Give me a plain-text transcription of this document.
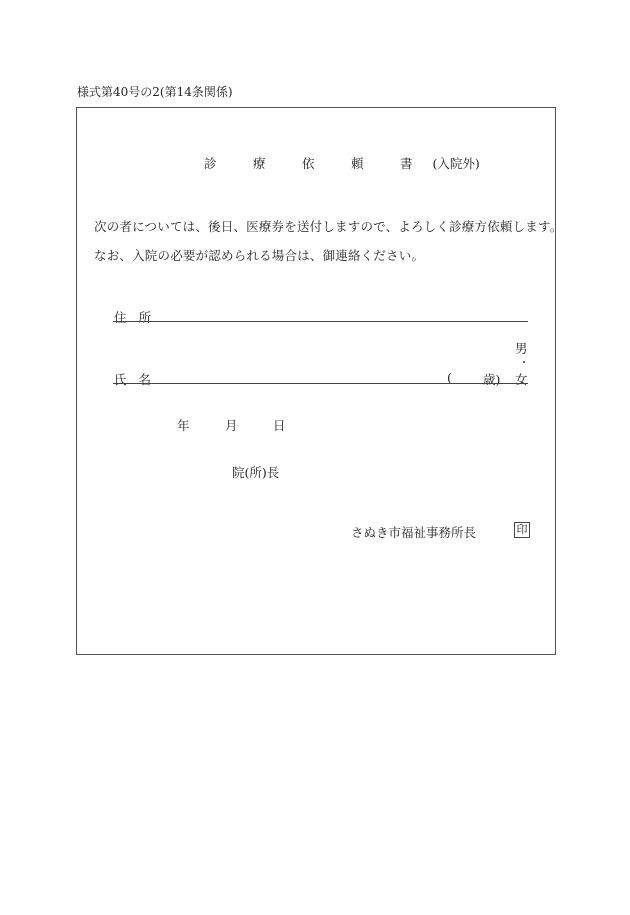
様式第40号の2(第14条関係)
診	療	依	頼	書 (入院外)
次の者については、後日、医療券を送付しますので、よろしく診療方依頼します。
なお、入院の必要が認められる場合は、御連絡ください。
住 所
男
・
氏 名	( 歳) 女
年	月	日
院(所)長
さぬき市福祉事務所長	印
